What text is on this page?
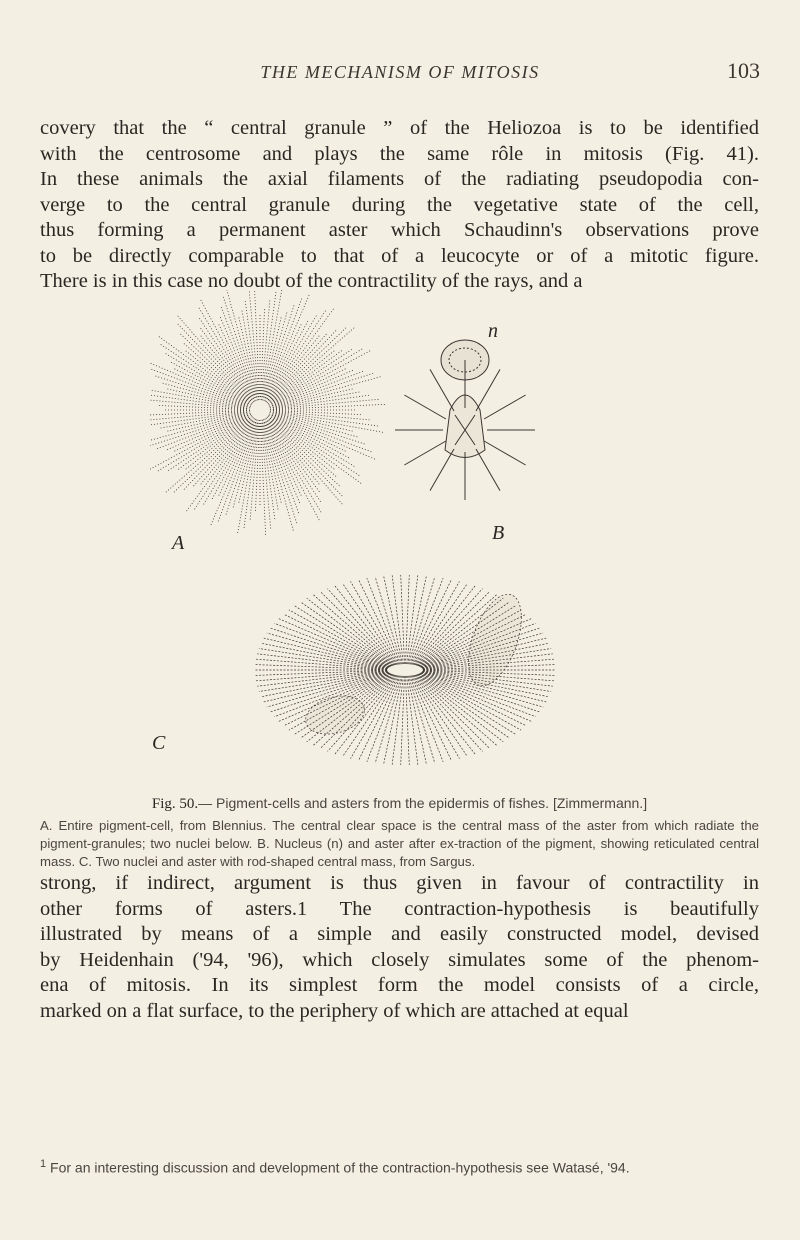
THE MECHANISM OF MITOSIS	103
covery that the “ central granule ” of the Heliozoa is to be identified
with the centrosome and plays the same rôle in mitosis (Fig. 41).
In these animals the axial filaments of the radiating pseudopodia con-
verge to the central granule during the vegetative state of the cell,
thus forming a permanent aster which Schaudinn's observations prove
to be directly comparable to that of a leucocyte or of a mitotic figure.
There is in this case no doubt of the contractility of the rays, and a
A	B
n
C
Fig. 50.— Pigment-cells and asters from the epidermis of fishes. [Zimmermann.]
A. Entire pigment-cell, from Blennius. The central clear space is the central mass of the aster from which radiate the pigment-granules; two nuclei below. B. Nucleus (n) and aster after ex-traction of the pigment, showing reticulated central mass. C. Two nuclei and aster with rod-shaped central mass, from Sargus.
strong, if indirect, argument is thus given in favour of contractility in
other forms of asters.1 The contraction-hypothesis is beautifully
illustrated by means of a simple and easily constructed model, devised
by Heidenhain ('94, '96), which closely simulates some of the phenom-
ena of mitosis. In its simplest form the model consists of a circle,
marked on a flat surface, to the periphery of which are attached at equal
$^1$ For an interesting discussion and development of the contraction-hypothesis see Watasé, '94.
